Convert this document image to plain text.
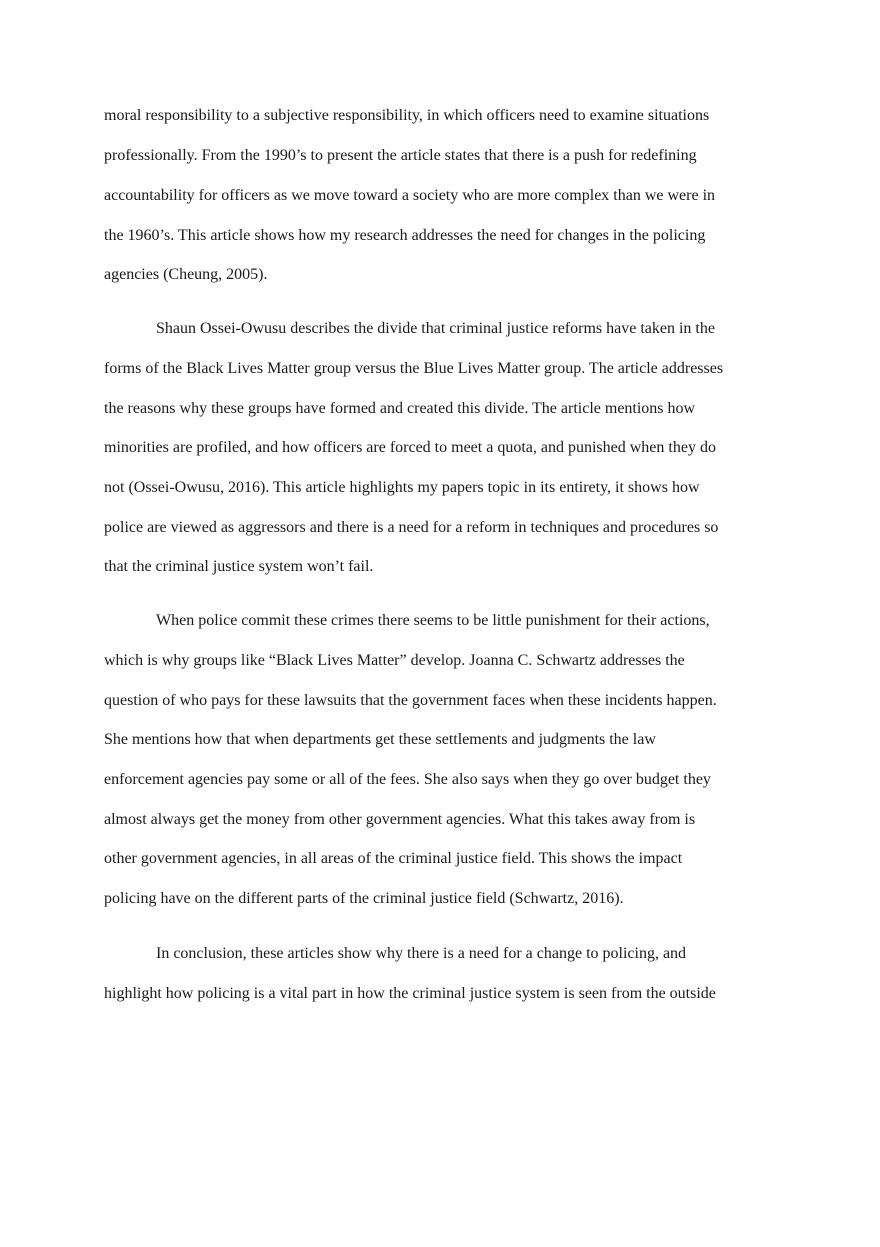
moral responsibility to a subjective responsibility, in which officers need to examine situations
professionally. From the 1990’s to present the article states that there is a push for redefining
accountability for officers as we move toward a society who are more complex than we were in
the 1960’s. This article shows how my research addresses the need for changes in the policing
agencies (Cheung, 2005).
Shaun Ossei-Owusu describes the divide that criminal justice reforms have taken in the
forms of the Black Lives Matter group versus the Blue Lives Matter group. The article addresses
the reasons why these groups have formed and created this divide. The article mentions how
minorities are profiled, and how officers are forced to meet a quota, and punished when they do
not (Ossei-Owusu, 2016). This article highlights my papers topic in its entirety, it shows how
police are viewed as aggressors and there is a need for a reform in techniques and procedures so
that the criminal justice system won’t fail.
When police commit these crimes there seems to be little punishment for their actions,
which is why groups like “Black Lives Matter” develop. Joanna C. Schwartz addresses the
question of who pays for these lawsuits that the government faces when these incidents happen.
She mentions how that when departments get these settlements and judgments the law
enforcement agencies pay some or all of the fees. She also says when they go over budget they
almost always get the money from other government agencies. What this takes away from is
other government agencies, in all areas of the criminal justice field. This shows the impact
policing have on the different parts of the criminal justice field (Schwartz, 2016).
In conclusion, these articles show why there is a need for a change to policing, and
highlight how policing is a vital part in how the criminal justice system is seen from the outside
